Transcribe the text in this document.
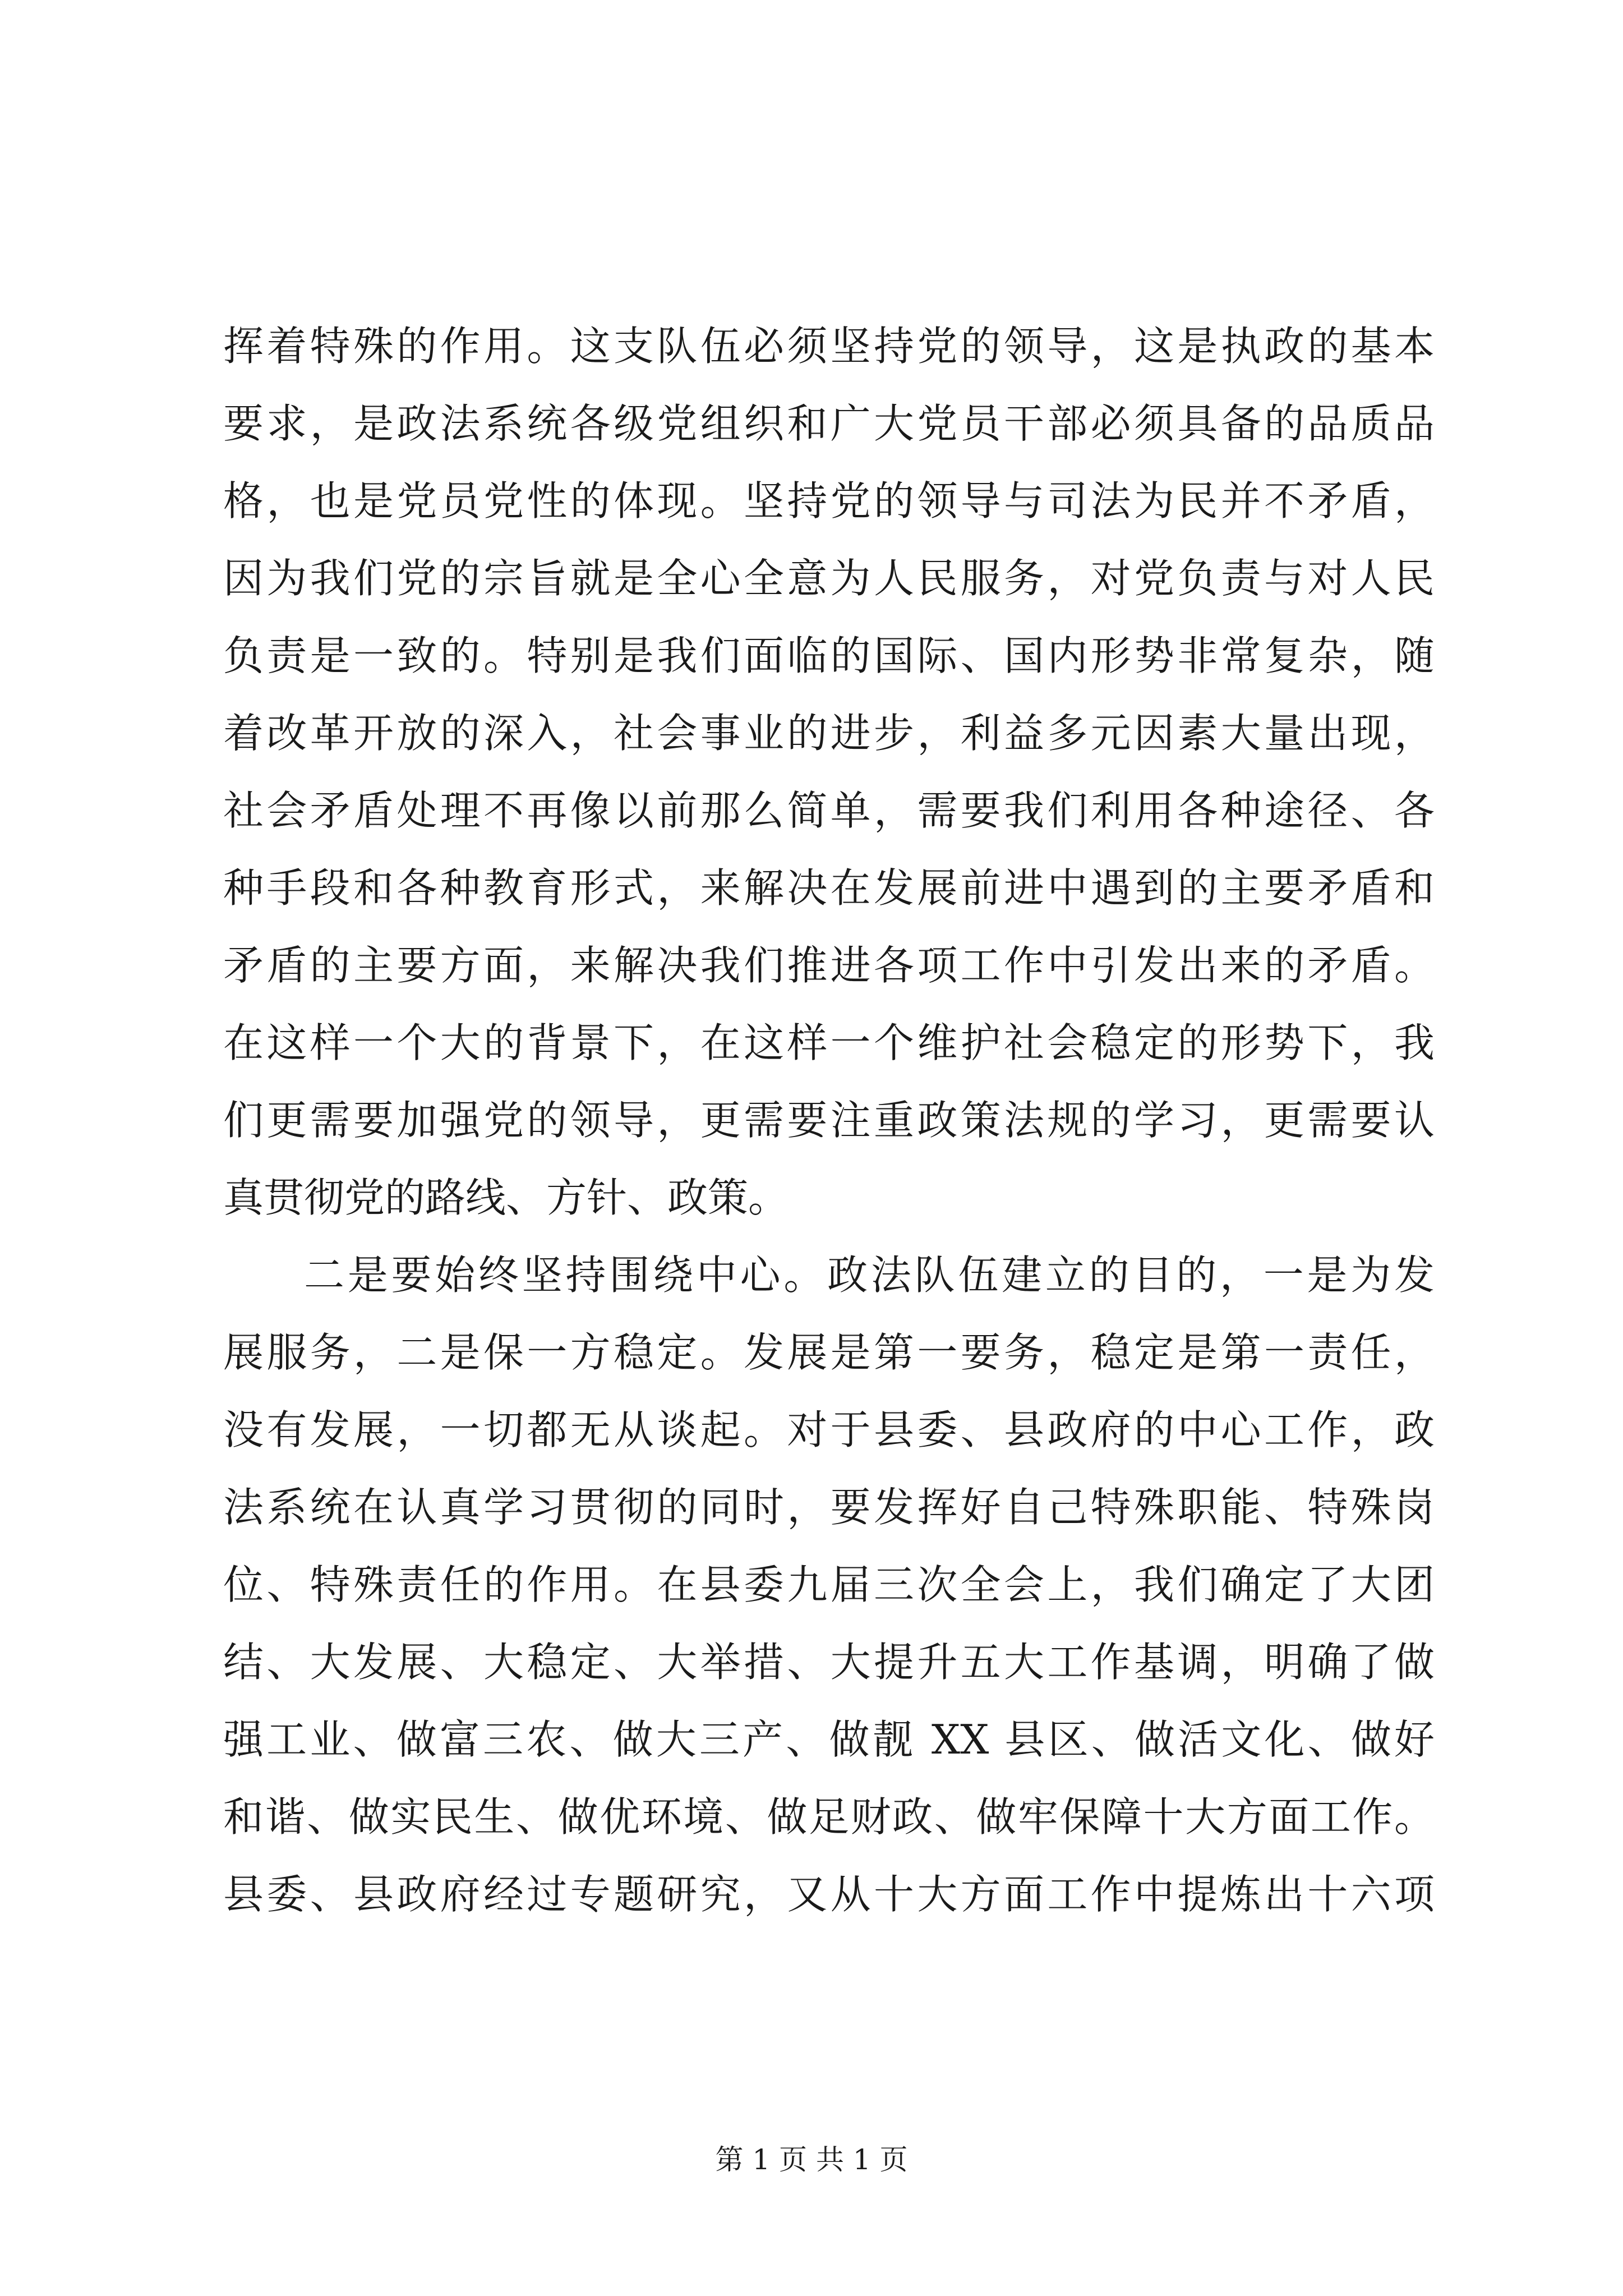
挥着特殊的作用。这支队伍必须坚持党的领导，这是执政的基本
要求，是政法系统各级党组织和广大党员干部必须具备的品质品
格，也是党员党性的体现。坚持党的领导与司法为民并不矛盾，
因为我们党的宗旨就是全心全意为人民服务，对党负责与对人民
负责是一致的。特别是我们面临的国际、国内形势非常复杂，随
着改革开放的深入，社会事业的进步，利益多元因素大量出现，
社会矛盾处理不再像以前那么简单，需要我们利用各种途径、各
种手段和各种教育形式，来解决在发展前进中遇到的主要矛盾和
矛盾的主要方面，来解决我们推进各项工作中引发出来的矛盾。
在这样一个大的背景下，在这样一个维护社会稳定的形势下，我
们更需要加强党的领导，更需要注重政策法规的学习，更需要认
真贯彻党的路线、方针、政策。
二是要始终坚持围绕中心。政法队伍建立的目的，一是为发
展服务，二是保一方稳定。发展是第一要务，稳定是第一责任，
没有发展，一切都无从谈起。对于县委、县政府的中心工作，政
法系统在认真学习贯彻的同时，要发挥好自己特殊职能、特殊岗
位、特殊责任的作用。在县委九届三次全会上，我们确定了大团
结、大发展、大稳定、大举措、大提升五大工作基调，明确了做
强工业、做富三农、做大三产、做靓 XX 县区、做活文化、做好
和谐、做实民生、做优环境、做足财政、做牢保障十大方面工作。
县委、县政府经过专题研究，又从十大方面工作中提炼出十六项
第 1 页 共 1 页
